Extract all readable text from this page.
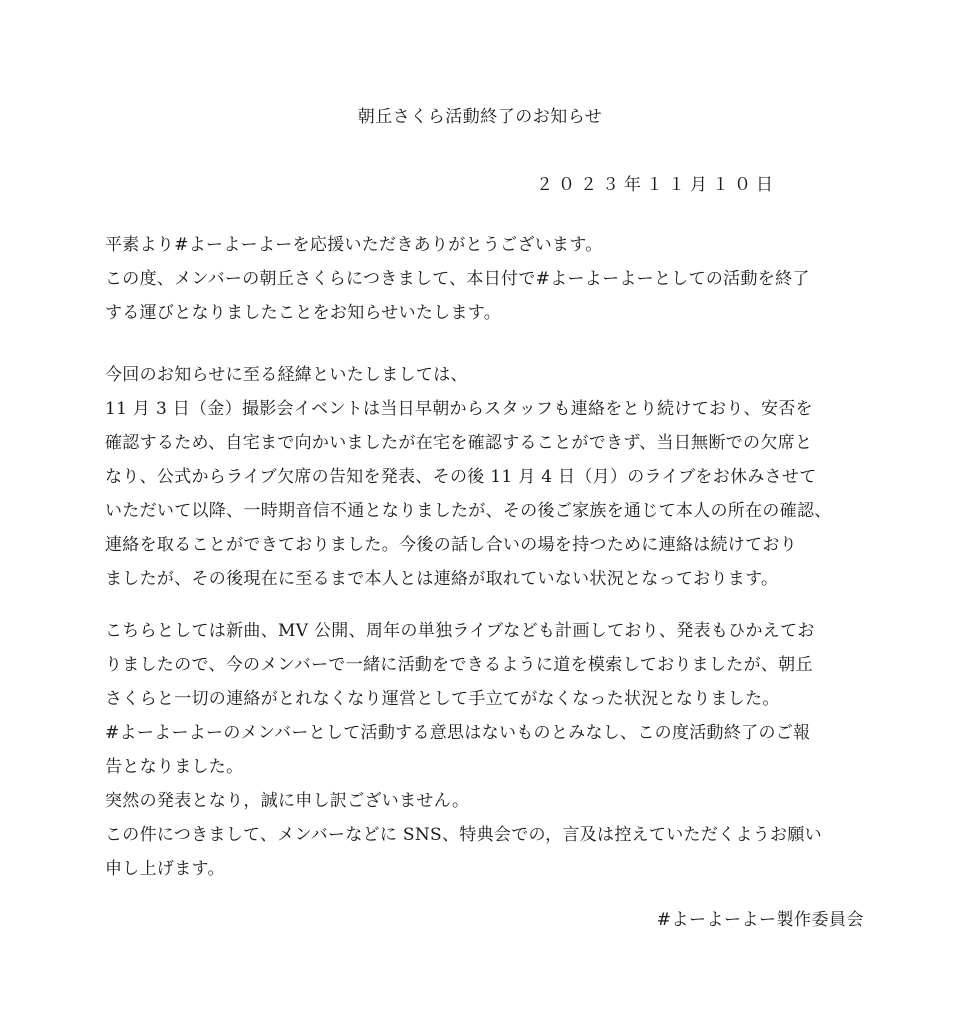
朝丘さくら活動終了のお知らせ
２０２３年１１月１０日

平素より#よーよーよーを応援いただきありがとうございます。

この度、メンバーの朝丘さくらにつきまして、本日付で#よーよーよーとしての活動を終了

する運びとなりましたことをお知らせいたします。

今回のお知らせに至る経緯といたしましては、

11 月 3 日（金）撮影会イベントは当日早朝からスタッフも連絡をとり続けており、安否を

確認するため、自宅まで向かいましたが在宅を確認することができず、当日無断での欠席と

なり、公式からライブ欠席の告知を発表、その後 11 月 4 日（月）のライブをお休みさせて

いただいて以降、一時期音信不通となりましたが、その後ご家族を通じて本人の所在の確認、

連絡を取ることができておりました。今後の話し合いの場を持つために連絡は続けており

ましたが、その後現在に至るまで本人とは連絡が取れていない状況となっております。

こちらとしては新曲、MV 公開、周年の単独ライブなども計画しており、発表もひかえてお

りましたので、今のメンバーで一緒に活動をできるように道を模索しておりましたが、朝丘

さくらと一切の連絡がとれなくなり運営として手立てがなくなった状況となりました。

#よーよーよーのメンバーとして活動する意思はないものとみなし、この度活動終了のご報

告となりました。

突然の発表となり，誠に申し訳ございません。

この件につきまして、メンバーなどに SNS、特典会での，言及は控えていただくようお願い

申し上げます。

#よーよーよー製作委員会
